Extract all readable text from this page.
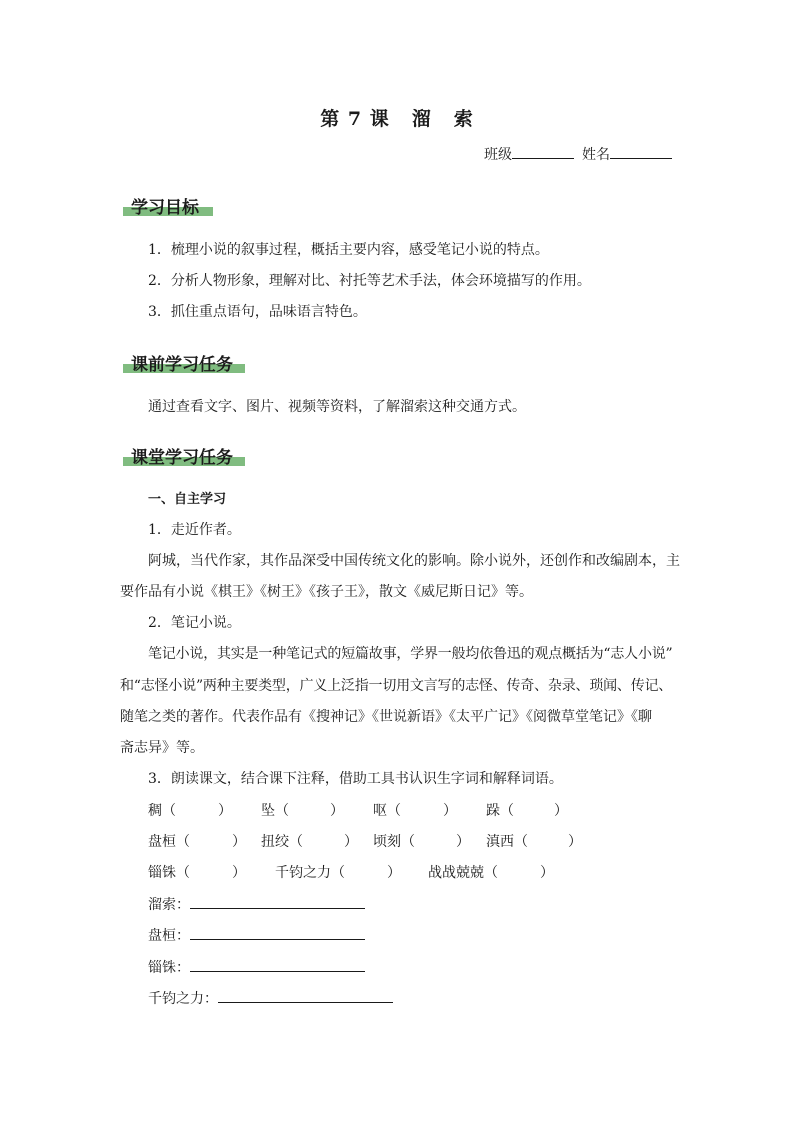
第 7 课 溜 索
班级	姓名
学习目标
1．梳理小说的叙事过程，概括主要内容，感受笔记小说的特点。
2．分析人物形象，理解对比、衬托等艺术手法，体会环境描写的作用。
3．抓住重点语句，品味语言特色。
课前学习任务
通过查看文字、图片、视频等资料，了解溜索这种交通方式。
课堂学习任务
一、自主学习
1．走近作者。
阿城，当代作家，其作品深受中国传统文化的影响。除小说外，还创作和改编剧本，主
要作品有小说《棋王》《树王》《孩子王》，散文《威尼斯日记》等。
2．笔记小说。
笔记小说，其实是一种笔记式的短篇故事，学界一般均依鲁迅的观点概括为“志人小说”
和“志怪小说”两种主要类型，广义上泛指一切用文言写的志怪、传奇、杂录、琐闻、传记、
随笔之类的著作。代表作品有《搜神记》《世说新语》《太平广记》《阅微草堂笔记》《聊
斋志异》等。
3．朗读课文，结合课下注释，借助工具书认识生字词和解释词语。
稠（	） 坠（	） 呕（	） 跺（	）
盘桓（	） 扭绞（	） 顷刻（	） 滇西（	）
锱铢（	） 千钧之力（	） 战战兢兢（	）
溜索：
盘桓：
锱铢：
千钧之力：
